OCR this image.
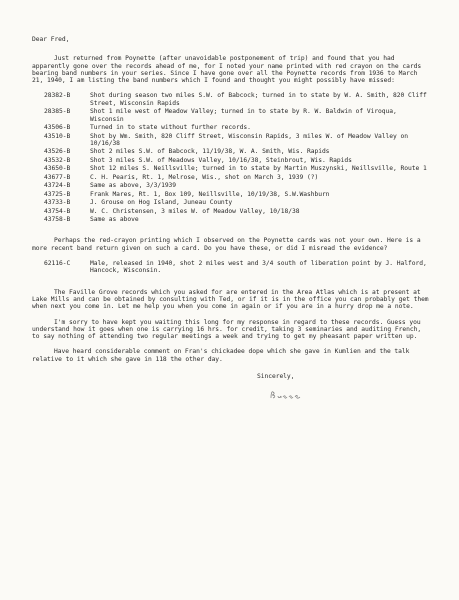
Dear Fred,

Just returned from Poynette (after unavoidable postponement of trip) and found that you had apparently gone over the records ahead of me, for I noted your name printed with red crayon on the cards bearing band numbers in your series. Since I have gone over all the Poynette records from 1936 to March 21, 1940, I am listing the band numbers which I found and thought you might possibly have missed:

28382-B	Shot during season two miles S.W. of Babcock; turned in to state by W. A. Smith, 820 Cliff Street, Wisconsin Rapids
28385-B	Shot 1 mile west of Meadow Valley; turned in to state by R. W. Baldwin of Viroqua, Wisconsin
43506-B	Turned in to state without further records.
43510-B	Shot by Wm. Smith, 820 Cliff Street, Wisconsin Rapids, 3 miles W. of Meadow Valley on 10/16/38
43526-B	Shot 2 miles S.W. of Babcock, 11/19/38, W. A. Smith, Wis. Rapids
43532-B	Shot 3 miles S.W. of Meadows Valley, 10/16/38, Steinbrout, Wis. Rapids
43650-B	Shot 12 miles S. Neillsville; turned in to state by Martin Muszynski, Neillsville, Route 1
43677-B	C. H. Pearis, Rt. 1, Melrose, Wis., shot on March 3, 1939 (?)
43724-B	Same as above, 3/3/1939
43725-B	Frank Mares, Rt. 1, Box 109, Neillsville, 10/19/38, S.W.Washburn
43733-B	J. Grouse on Hog Island, Juneau County
43754-B	W. C. Christensen, 3 miles W. of Meadow Valley, 10/18/38
43758-B	Same as above

Perhaps the red-crayon printing which I observed on the Poynette cards was not your own. Here is a more recent band return given on such a card. Do you have these, or did I misread the evidence?

62116-C	Male, released in 1940, shot 2 miles west and 3/4 south of liberation point by J. Halford, Hancock, Wisconsin.

The Faville Grove records which you asked for are entered in the Area Atlas which is at present at Lake Mills and can be obtained by consulting with Ted, or if it is in the office you can probably get them when next you come in. Let me help you when you come in again or if you are in a hurry drop me a note.

I'm sorry to have kept you waiting this long for my response in regard to these records. Guess you understand how it goes when one is carrying 16 hrs. for credit, taking 3 seminaries and auditing French, to say nothing of attending two regular meetings a week and trying to get my pheasant paper written up.

Have heard considerable comment on Fran's chickadee dope which she gave in Kumlien and the talk relative to it which she gave in 118 the other day.

Sincerely,
